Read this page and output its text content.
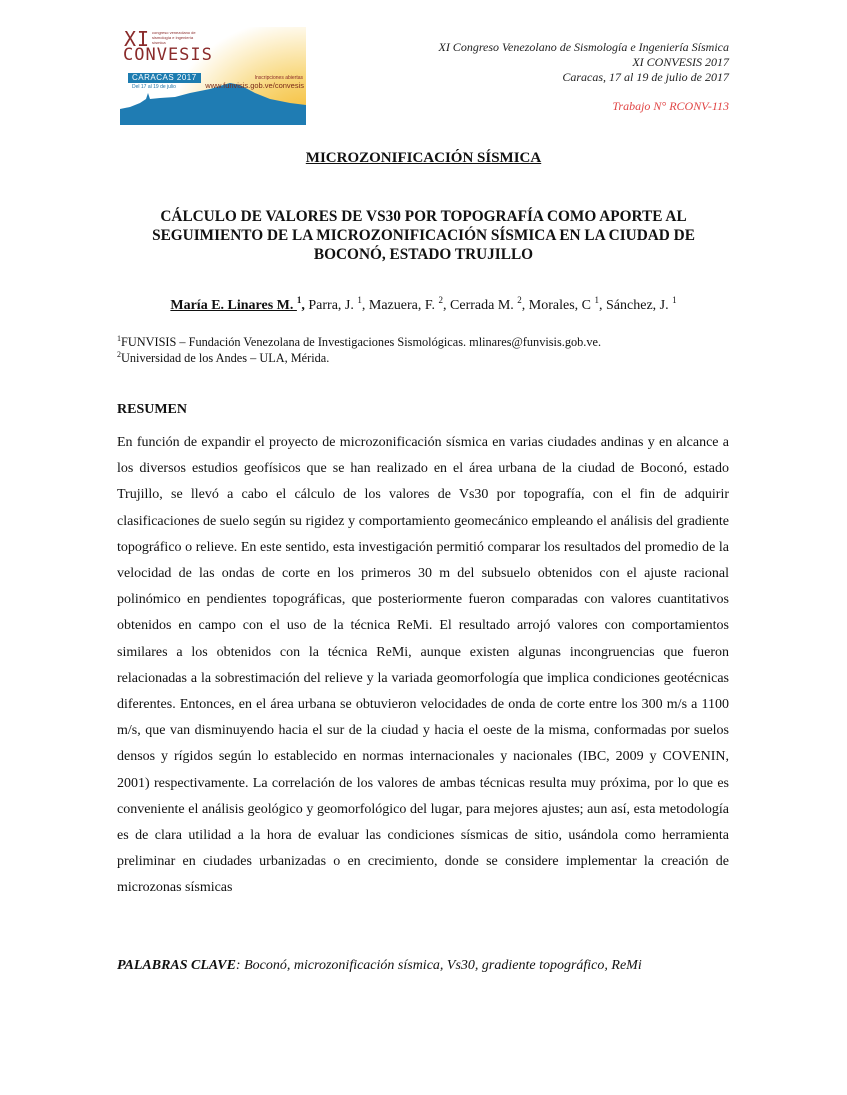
XI congreso venezolano de sismología e ingeniería sísmica
CONVESIS
CARACAS 2017
Del 17 al 19 de julio
Inscripciones abiertas
www.funvisis.gob.ve/convesis
XI Congreso Venezolano de Sismología e Ingeniería Sísmica
XI CONVESIS 2017
Caracas, 17 al 19 de julio de 2017
Trabajo N° RCONV-113
MICROZONIFICACIÓN SÍSMICA
CÁLCULO DE VALORES DE VS30 POR TOPOGRAFÍA COMO APORTE AL SEGUIMIENTO DE LA MICROZONIFICACIÓN SÍSMICA EN LA CIUDAD DE BOCONÓ, ESTADO TRUJILLO
María E. Linares M. $^1$, Parra, J. $^1$, Mazuera, F. $^2$, Cerrada M. $^2$, Morales, C $^1$, Sánchez, J. $^1$
$^1$FUNVISIS – Fundación Venezolana de Investigaciones Sismológicas. mlinares@funvisis.gob.ve.
$^2$Universidad de los Andes – ULA, Mérida.
RESUMEN
En función de expandir el proyecto de microzonificación sísmica en varias ciudades andinas y en alcance a los diversos estudios geofísicos que se han realizado en el área urbana de la ciudad de Boconó, estado Trujillo, se llevó a cabo el cálculo de los valores de Vs30 por topografía, con el fin de adquirir clasificaciones de suelo según su rigidez y comportamiento geomecánico empleando el análisis del gradiente topográfico o relieve. En este sentido, esta investigación permitió comparar los resultados del promedio de la velocidad de las ondas de corte en los primeros 30 m del subsuelo obtenidos con el ajuste racional polinómico en pendientes topográficas, que posteriormente fueron comparadas con valores cuantitativos obtenidos en campo con el uso de la técnica ReMi. El resultado arrojó valores con comportamientos similares a los obtenidos con la técnica ReMi, aunque existen algunas incongruencias que fueron relacionadas a la sobrestimación del relieve y la variada geomorfología que implica condiciones geotécnicas diferentes. Entonces, en el área urbana se obtuvieron velocidades de onda de corte entre los 300 m/s a 1100 m/s, que van disminuyendo hacia el sur de la ciudad y hacia el oeste de la misma, conformadas por suelos densos y rígidos según lo establecido en normas internacionales y nacionales (IBC, 2009 y COVENIN, 2001) respectivamente. La correlación de los valores de ambas técnicas resulta muy próxima, por lo que es conveniente el análisis geológico y geomorfológico del lugar, para mejores ajustes; aun así, esta metodología es de clara utilidad a la hora de evaluar las condiciones sísmicas de sitio, usándola como herramienta preliminar en ciudades urbanizadas o en crecimiento, donde se considere implementar la creación de microzonas sísmicas
PALABRAS CLAVE: Boconó, microzonificación sísmica, Vs30, gradiente topográfico, ReMi
